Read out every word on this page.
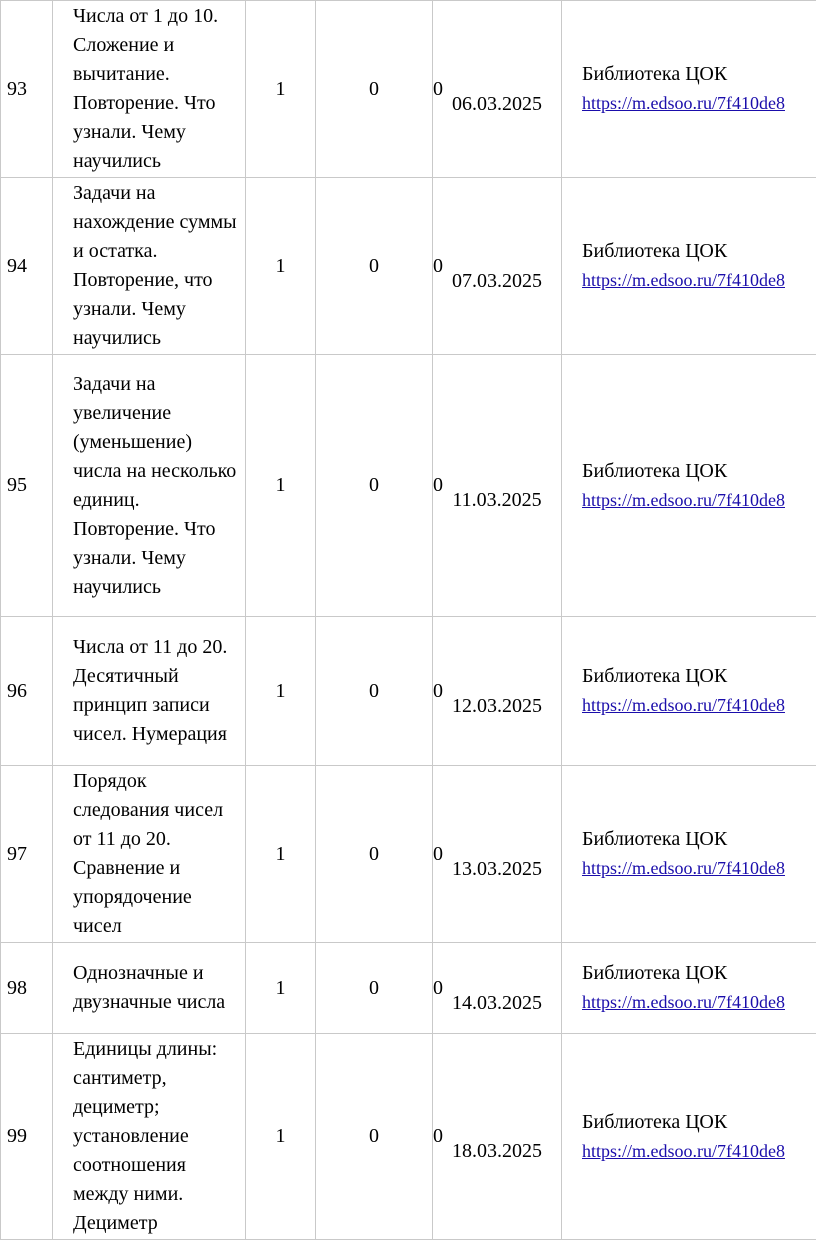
93	Числа от 1 до 10. Сложение и вычитание. Повторение. Что узнали. Чему научились	1	0	0	06.03.2025	Библиотека ЦОК
https://m.edsoo.ru/7f410de8
94	Задачи на нахождение суммы и остатка. Повторение, что узнали. Чему научились	1	0	0	07.03.2025	Библиотека ЦОК
https://m.edsoo.ru/7f410de8
95	Задачи на увеличение (уменьшение) числа на несколько единиц. Повторение. Что узнали. Чему научились	1	0	0	11.03.2025	Библиотека ЦОК
https://m.edsoo.ru/7f410de8
96	Числа от 11 до 20. Десятичный принцип записи чисел. Нумерация	1	0	0	12.03.2025	Библиотека ЦОК
https://m.edsoo.ru/7f410de8
97	Порядок следования чисел от 11 до 20. Сравнение и упорядочение чисел	1	0	0	13.03.2025	Библиотека ЦОК
https://m.edsoo.ru/7f410de8
98	Однозначные и двузначные числа	1	0	0	14.03.2025	Библиотека ЦОК
https://m.edsoo.ru/7f410de8
99	Единицы длины: сантиметр, дециметр; установление соотношения между ними. Дециметр	1	0	0	18.03.2025	Библиотека ЦОК
https://m.edsoo.ru/7f410de8
